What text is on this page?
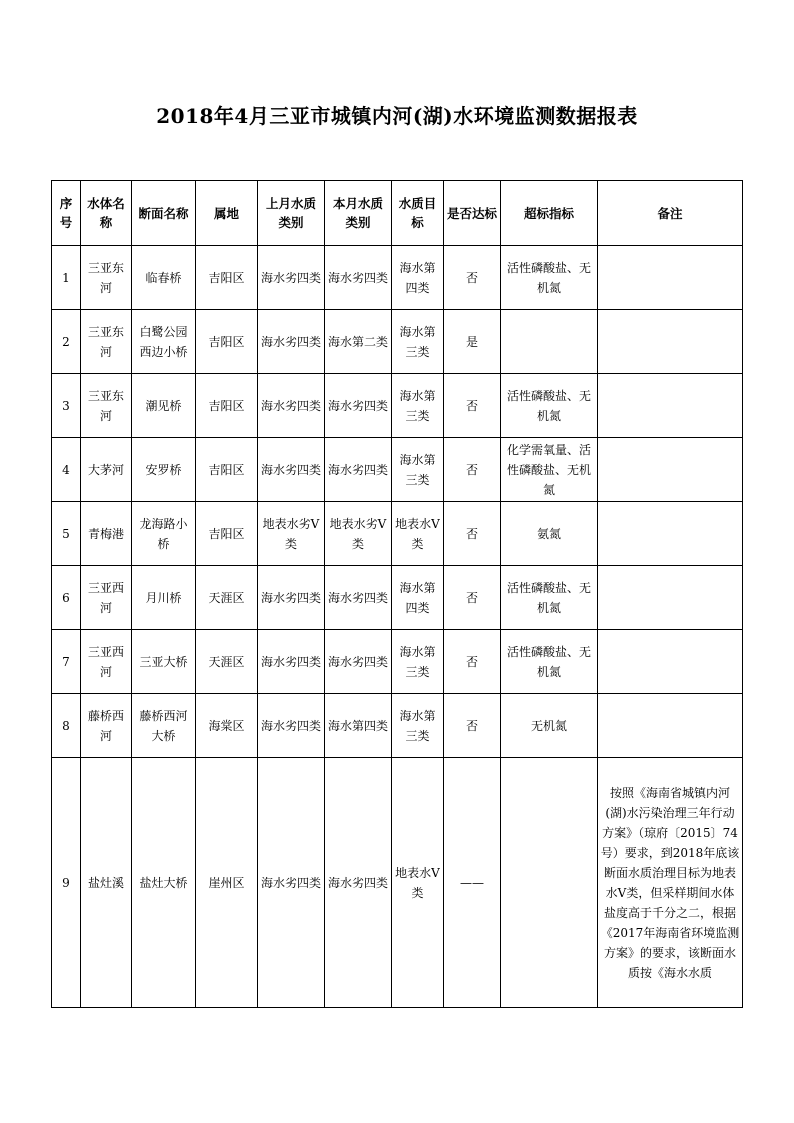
2018年4月三亚市城镇内河(湖)水环境监测数据报表
序号	水体名称	断面名称	属地	上月水质类别	本月水质类别	水质目标	是否达标	超标指标	备注
1	三亚东河	临春桥	吉阳区	海水劣四类	海水劣四类	海水第四类	否	活性磷酸盐、无机氮	
2	三亚东河	白鹭公园西边小桥	吉阳区	海水劣四类	海水第二类	海水第三类	是		
3	三亚东河	潮见桥	吉阳区	海水劣四类	海水劣四类	海水第三类	否	活性磷酸盐、无机氮	
4	大茅河	安罗桥	吉阳区	海水劣四类	海水劣四类	海水第三类	否	化学需氧量、活性磷酸盐、无机氮	
5	青梅港	龙海路小桥	吉阳区	地表水劣Ⅴ类	地表水劣Ⅴ类	地表水Ⅴ类	否	氨氮	
6	三亚西河	月川桥	天涯区	海水劣四类	海水劣四类	海水第四类	否	活性磷酸盐、无机氮	
7	三亚西河	三亚大桥	天涯区	海水劣四类	海水劣四类	海水第三类	否	活性磷酸盐、无机氮	
8	藤桥西河	藤桥西河大桥	海棠区	海水劣四类	海水第四类	海水第三类	否	无机氮	
9	盐灶溪	盐灶大桥	崖州区	海水劣四类	海水劣四类	地表水Ⅴ类	——		按照《海南省城镇内河(湖)水污染治理三年行动方案》（琼府〔2015〕74号）要求，到2018年底该断面水质治理目标为地表水Ⅴ类，但采样期间水体盐度高于千分之二，根据《2017年海南省环境监测方案》的要求，该断面水质按《海水水质
